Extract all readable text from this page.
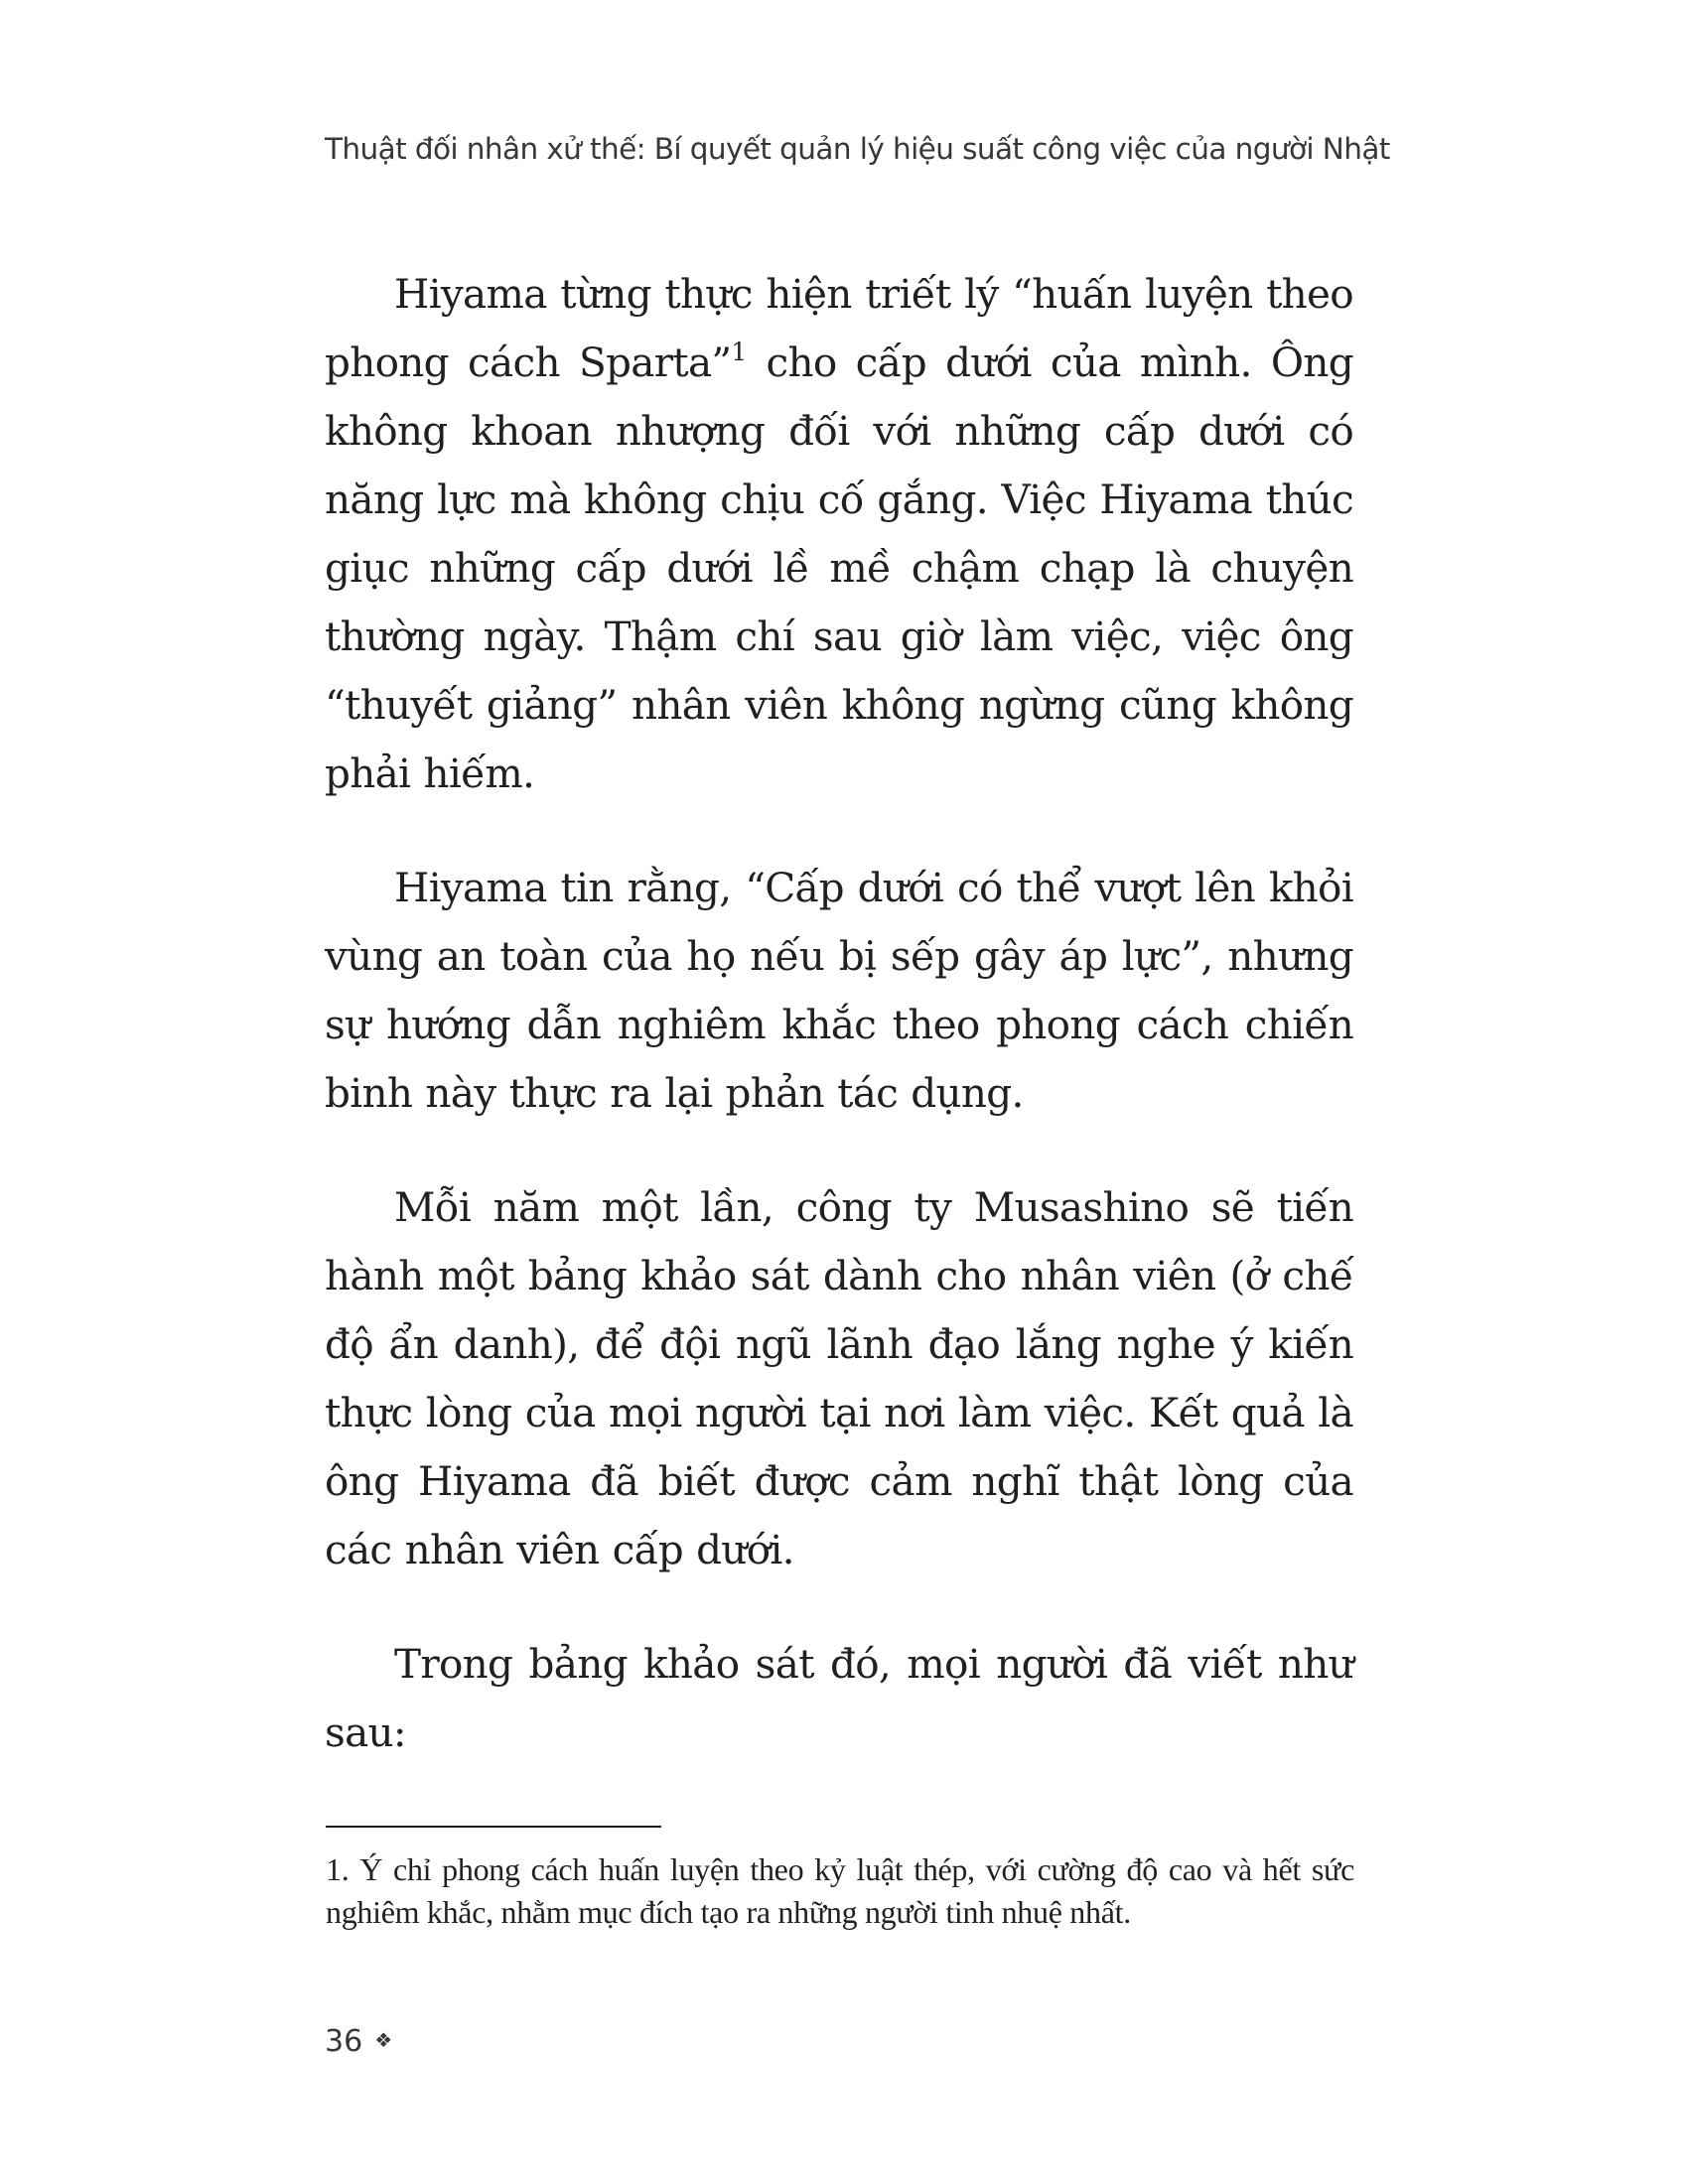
Thuật đối nhân xử thế: Bí quyết quản lý hiệu suất công việc của người Nhật

Hiyama từng thực hiện triết lý “huấn luyện theo phong cách Sparta”$^1$ cho cấp dưới của mình. Ông không khoan nhượng đối với những cấp dưới có năng lực mà không chịu cố gắng. Việc Hiyama thúc giục những cấp dưới lề mề chậm chạp là chuyện thường ngày. Thậm chí sau giờ làm việc, việc ông “thuyết giảng” nhân viên không ngừng cũng không phải hiếm.

Hiyama tin rằng, “Cấp dưới có thể vượt lên khỏi vùng an toàn của họ nếu bị sếp gây áp lực”, nhưng sự hướng dẫn nghiêm khắc theo phong cách chiến binh này thực ra lại phản tác dụng.

Mỗi năm một lần, công ty Musashino sẽ tiến hành một bảng khảo sát dành cho nhân viên (ở chế độ ẩn danh), để đội ngũ lãnh đạo lắng nghe ý kiến thực lòng của mọi người tại nơi làm việc. Kết quả là ông Hiyama đã biết được cảm nghĩ thật lòng của các nhân viên cấp dưới.

Trong bảng khảo sát đó, mọi người đã viết như sau:

1. Ý chỉ phong cách huấn luyện theo kỷ luật thép, với cường độ cao và hết sức nghiêm khắc, nhằm mục đích tạo ra những người tinh nhuệ nhất.

36 ❖
